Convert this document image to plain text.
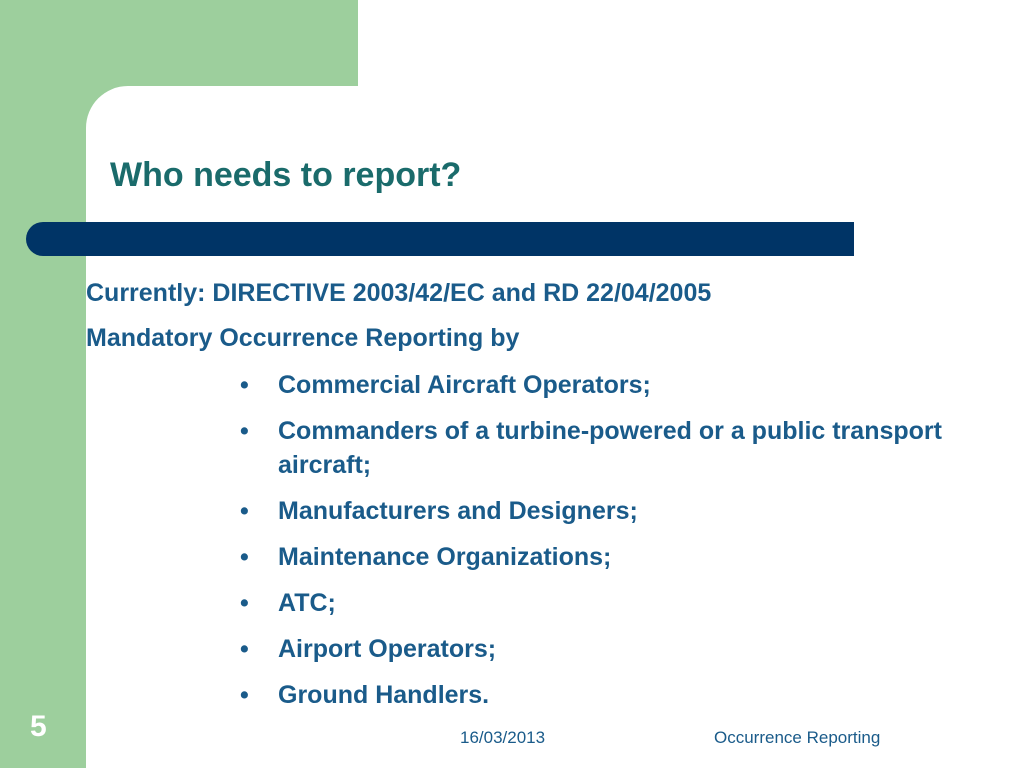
Who needs to report?

Currently: DIRECTIVE 2003/42/EC and RD 22/04/2005

Mandatory Occurrence Reporting by

• Commercial Aircraft Operators;
• Commanders of a turbine-powered or a public transport aircraft;
• Manufacturers and Designers;
• Maintenance Organizations;
• ATC;
• Airport Operators;
• Ground Handlers.
5	16/03/2013	Occurrence Reporting
